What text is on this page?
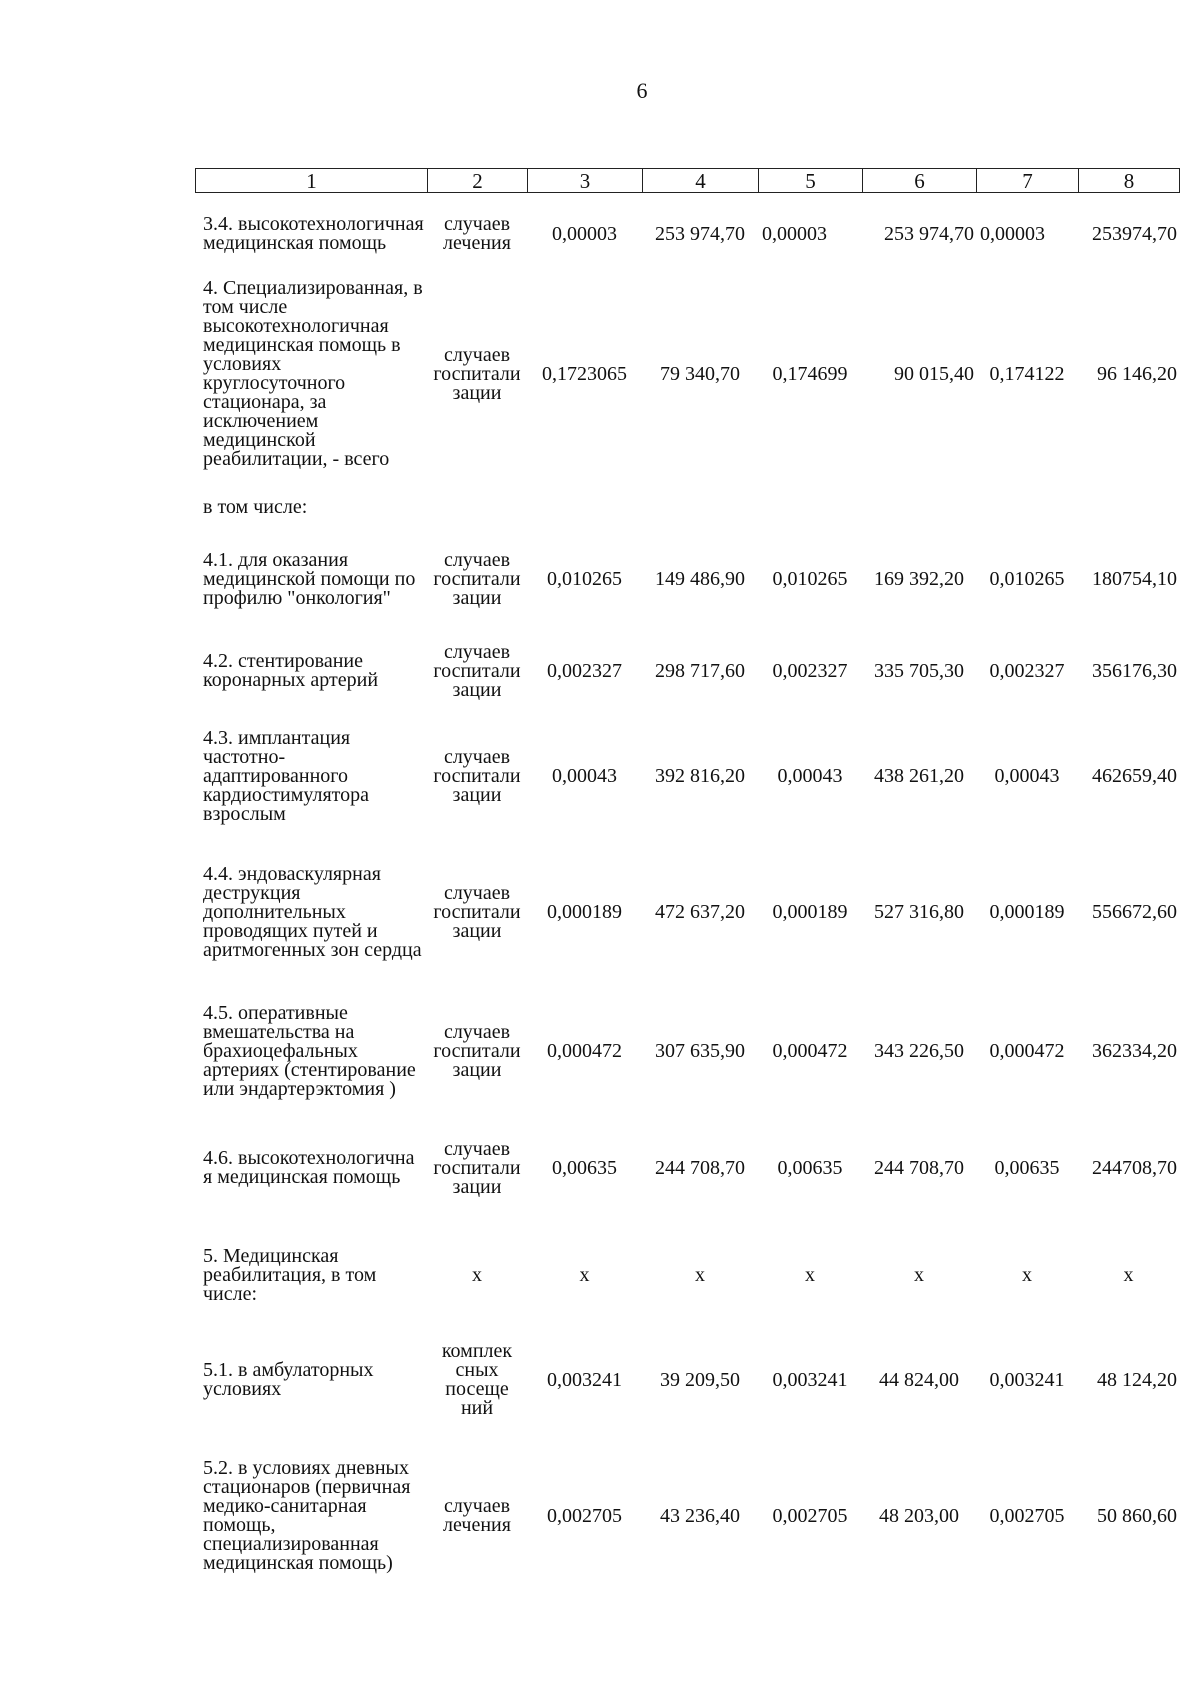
6
1	2	3	4	5	6	7	8
3.4. высокотехнологичная медицинская помощь	случаев лечения	0,00003	253 974,70	0,00003	253 974,70	0,00003	253974,70
4. Специализированная, в том числе высокотехнологичная медицинская помощь в условиях круглосуточного стационара, за исключением медицинской реабилитации, - всего	случаев госпитали зации	0,1723065	79 340,70	0,174699	90 015,40	0,174122	96 146,20
в том числе:							
4.1. для оказания медицинской помощи по профилю "онкология"	случаев госпитали зации	0,010265	149 486,90	0,010265	169 392,20	0,010265	180754,10
4.2. стентирование коронарных артерий	случаев госпитали зации	0,002327	298 717,60	0,002327	335 705,30	0,002327	356176,30
4.3. имплантация частотно-адаптированного кардиостимулятора взрослым	случаев госпитали зации	0,00043	392 816,20	0,00043	438 261,20	0,00043	462659,40
4.4. эндоваскулярная деструкция дополнительных проводящих путей и аритмогенных зон сердца	случаев госпитали зации	0,000189	472 637,20	0,000189	527 316,80	0,000189	556672,60
4.5. оперативные вмешательства на брахиоцефальных артериях (стентирование или эндартерэктомия )	случаев госпитали зации	0,000472	307 635,90	0,000472	343 226,50	0,000472	362334,20
4.6. высокотехнологична я медицинская помощь	случаев госпитали зации	0,00635	244 708,70	0,00635	244 708,70	0,00635	244708,70
5. Медицинская реабилитация, в том числе:	х	х	х	х	х	х	х
5.1. в амбулаторных условиях	комплек сных посеще ний	0,003241	39 209,50	0,003241	44 824,00	0,003241	48 124,20
5.2. в условиях дневных стационаров (первичная медико-санитарная помощь, специализированная медицинская помощь)	случаев лечения	0,002705	43 236,40	0,002705	48 203,00	0,002705	50 860,60
